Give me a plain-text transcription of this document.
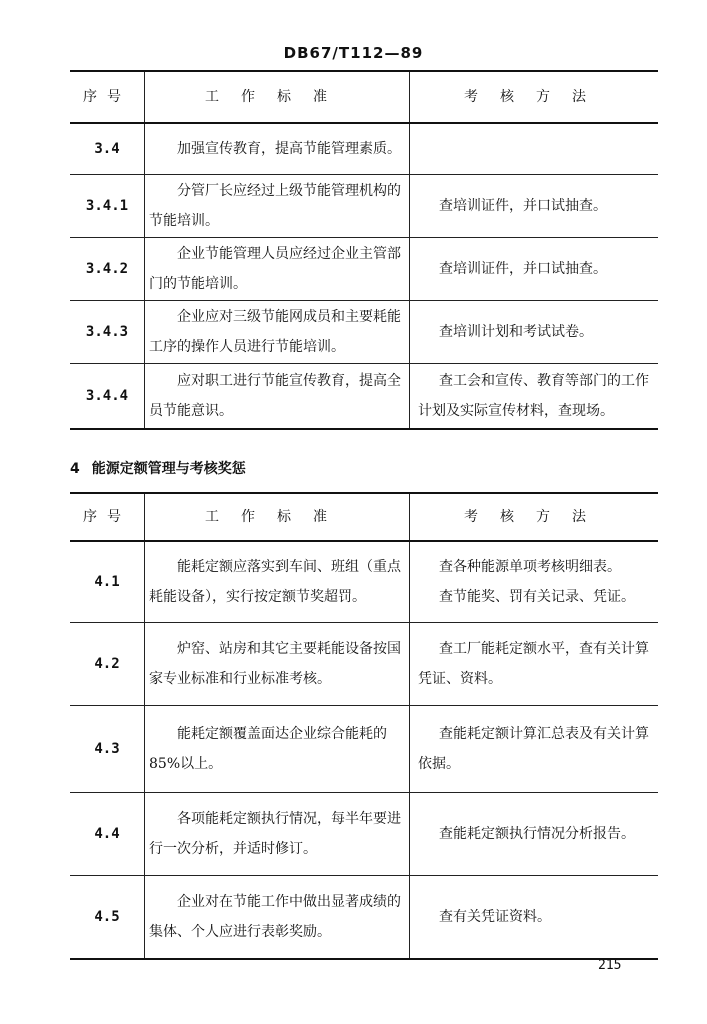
DB67/T112—89
序号	工作标准	考核方法
3.4	加强宣传教育，提高节能管理素质。	
3.4.1	分管厂长应经过上级节能管理机构的节能培训。	查培训证件，并口试抽查。
3.4.2	企业节能管理人员应经过企业主管部门的节能培训。	查培训证件，并口试抽查。
3.4.3	企业应对三级节能网成员和主要耗能工序的操作人员进行节能培训。	查培训计划和考试试卷。
3.4.4	应对职工进行节能宣传教育，提高全员节能意识。	查工会和宣传、教育等部门的工作计划及实际宣传材料，查现场。
4 能源定额管理与考核奖惩
序号	工作标准	考核方法
4.1	能耗定额应落实到车间、班组（重点耗能设备），实行按定额节奖超罚。	查各种能源单项考核明细表。
查节能奖、罚有关记录、凭证。

4.2	炉窑、站房和其它主要耗能设备按国家专业标准和行业标准考核。	查工厂能耗定额水平，查有关计算凭证、资料。
4.3	能耗定额覆盖面达企业综合能耗的85%以上。	查能耗定额计算汇总表及有关计算依据。
4.4	各项能耗定额执行情况，每半年要进行一次分析，并适时修订。	查能耗定额执行情况分析报告。
4.5	企业对在节能工作中做出显著成绩的集体、个人应进行表彰奖励。	查有关凭证资料。
215
